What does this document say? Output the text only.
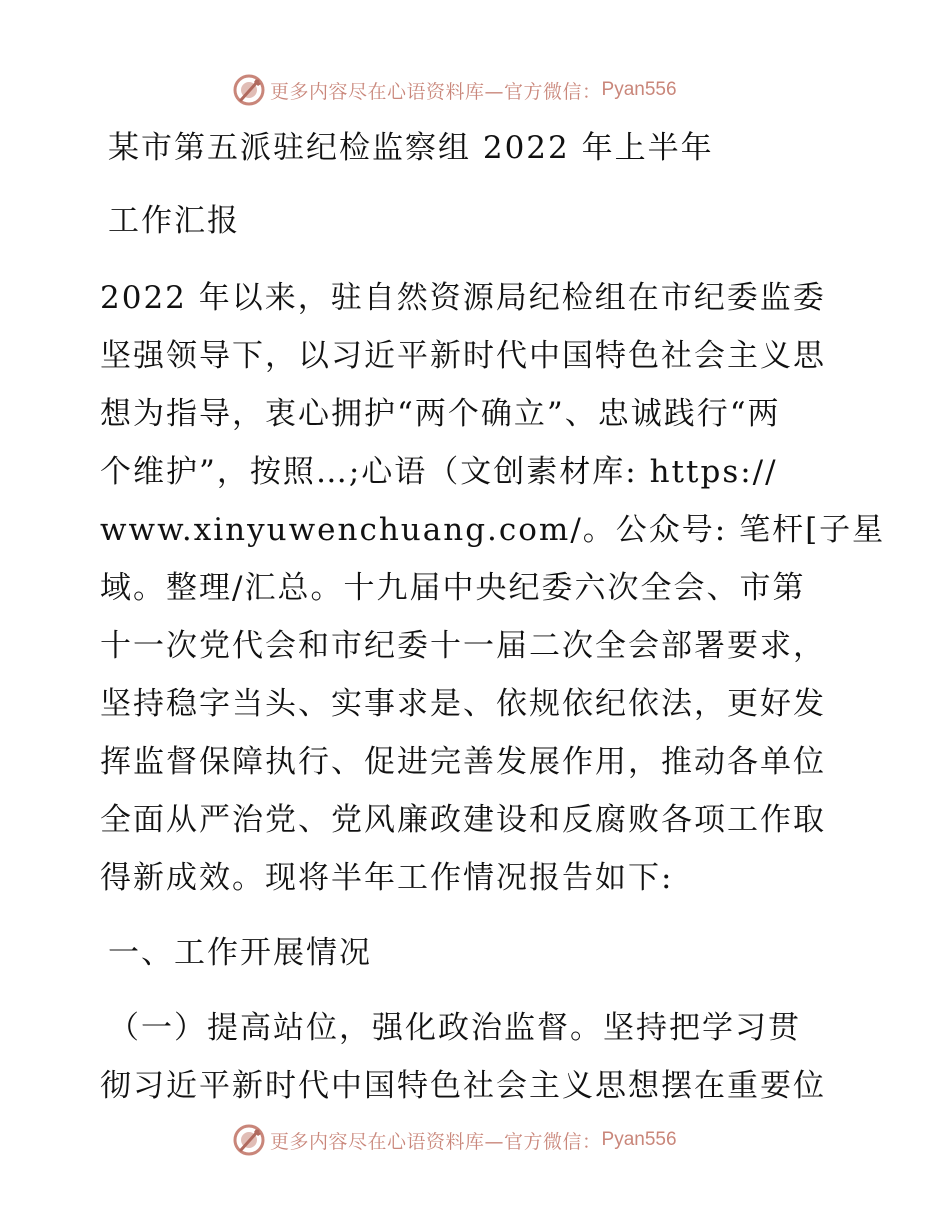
更多内容尽在心语资料库—官方微信： Pyan556
某市第五派驻纪检监察组 2022 年上半年
工作汇报
2022 年以来，驻自然资源局纪检组在市纪委监委
坚强领导下，以习近平新时代中国特色社会主义思
想为指导，衷心拥护“两个确立”、忠诚践行“两
个维护”，按照…;心语（文创素材库: https://
www.xinyuwenchuang.com/。公众号: 笔杆[子星
域。整理/汇总。十九届中央纪委六次全会、市第
十一次党代会和市纪委十一届二次全会部署要求，
坚持稳字当头、实事求是、依规依纪依法，更好发
挥监督保障执行、促进完善发展作用，推动各单位
全面从严治党、党风廉政建设和反腐败各项工作取
得新成效。现将半年工作情况报告如下:
一、工作开展情况
（一）提高站位，强化政治监督。坚持把学习贯
彻习近平新时代中国特色社会主义思想摆在重要位
更多内容尽在心语资料库—官方微信： Pyan556
